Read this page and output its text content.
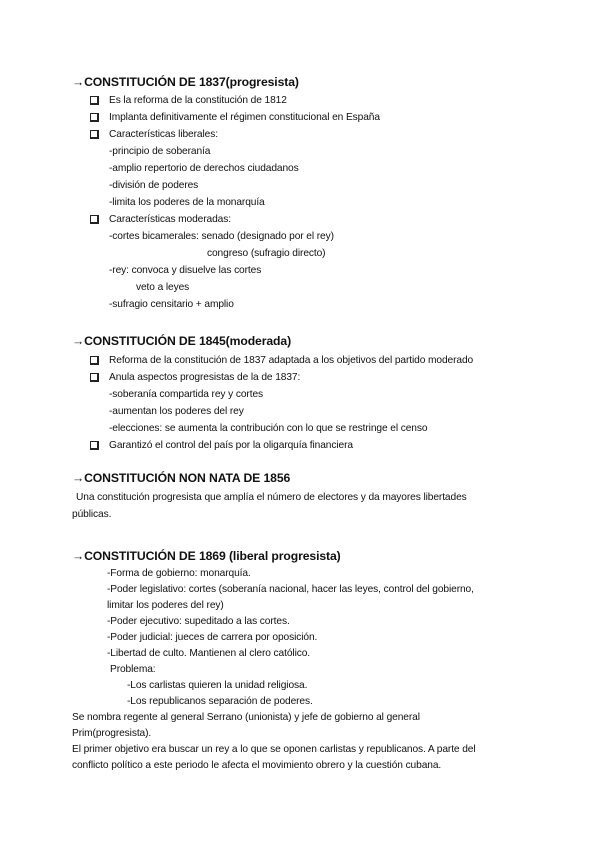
→CONSTITUCIÓN DE 1837(progresista)
Es la reforma de la constitución de 1812
Implanta definitivamente el régimen constitucional en España
Características liberales:
-principio de soberanía
-amplio repertorio de derechos ciudadanos
-división de poderes
-limita los poderes de la monarquía
Características moderadas:
-cortes bicamerales: senado (designado por el rey)
congreso (sufragio directo)
-rey: convoca y disuelve las cortes
veto a leyes
-sufragio censitario + amplio
→CONSTITUCIÓN DE 1845(moderada)
Reforma de la constitución de 1837 adaptada a los objetivos del partido moderado
Anula aspectos progresistas de la de 1837:
-soberanía compartida rey y cortes
-aumentan los poderes del rey
-elecciones: se aumenta la contribución con lo que se restringe el censo
Garantizó el control del país por la oligarquía financiera
→CONSTITUCIÓN NON NATA DE 1856
Una constitución progresista que amplía el número de electores y da mayores libertades
públicas.
→CONSTITUCIÓN DE 1869 (liberal progresista)
-Forma de gobierno: monarquía.
-Poder legislativo: cortes (soberanía nacional, hacer las leyes, control del gobierno,
limitar los poderes del rey)
-Poder ejecutivo: supeditado a las cortes.
-Poder judicial: jueces de carrera por oposición.
-Libertad de culto. Mantienen al clero católico.
Problema:
-Los carlistas quieren la unidad religiosa.
-Los republicanos separación de poderes.
Se nombra regente al general Serrano (unionista) y jefe de gobierno al general
Prim(progresista).
El primer objetivo era buscar un rey a lo que se oponen carlistas y republicanos. A parte del
conflicto político a este periodo le afecta el movimiento obrero y la cuestión cubana.
